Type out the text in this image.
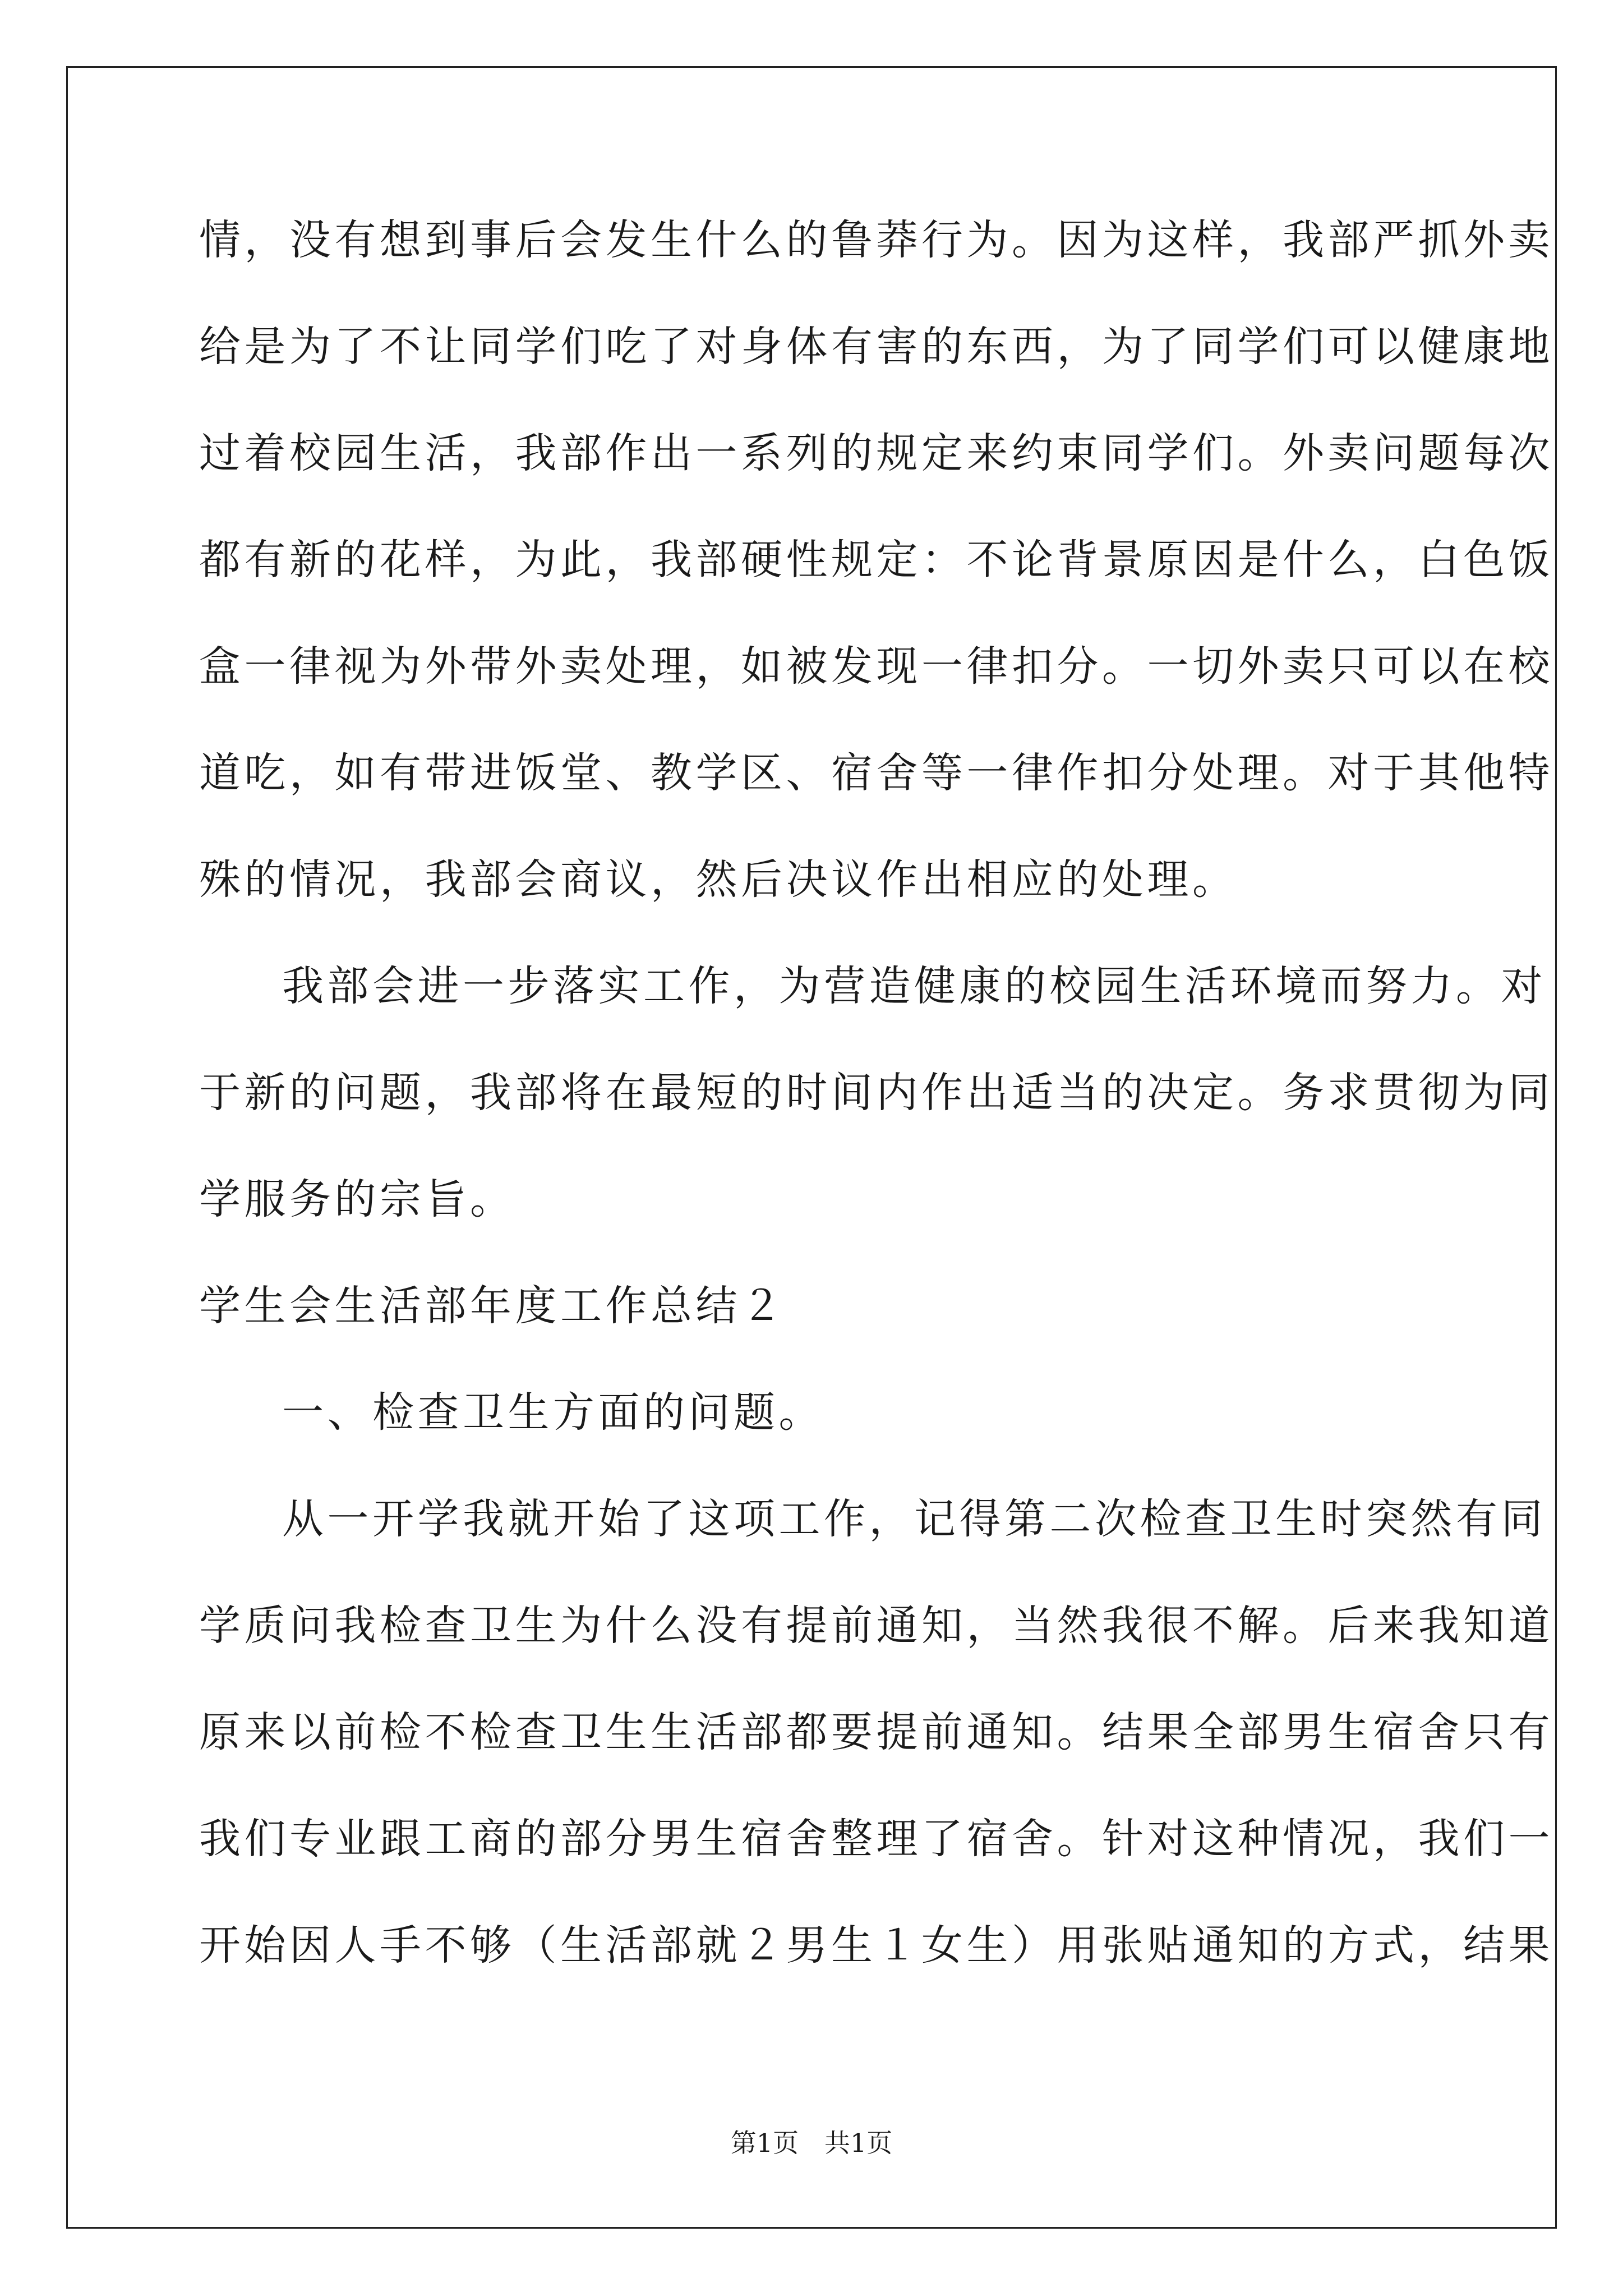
情，没有想到事后会发生什么的鲁莽行为。因为这样，我部严抓外卖
给是为了不让同学们吃了对身体有害的东西，为了同学们可以健康地
过着校园生活，我部作出一系列的规定来约束同学们。外卖问题每次
都有新的花样，为此，我部硬性规定：不论背景原因是什么，白色饭
盒一律视为外带外卖处理，如被发现一律扣分。一切外卖只可以在校
道吃，如有带进饭堂、教学区、宿舍等一律作扣分处理。对于其他特
殊的情况，我部会商议，然后决议作出相应的处理。
我部会进一步落实工作，为营造健康的校园生活环境而努力。对
于新的问题，我部将在最短的时间内作出适当的决定。务求贯彻为同
学服务的宗旨。
学生会生活部年度工作总结２
一、检查卫生方面的问题。
从一开学我就开始了这项工作，记得第二次检查卫生时突然有同
学质问我检查卫生为什么没有提前通知，当然我很不解。后来我知道
原来以前检不检查卫生生活部都要提前通知。结果全部男生宿舍只有
我们专业跟工商的部分男生宿舍整理了宿舍。针对这种情况，我们一
开始因人手不够（生活部就２男生１女生）用张贴通知的方式，结果
第1页　共1页
